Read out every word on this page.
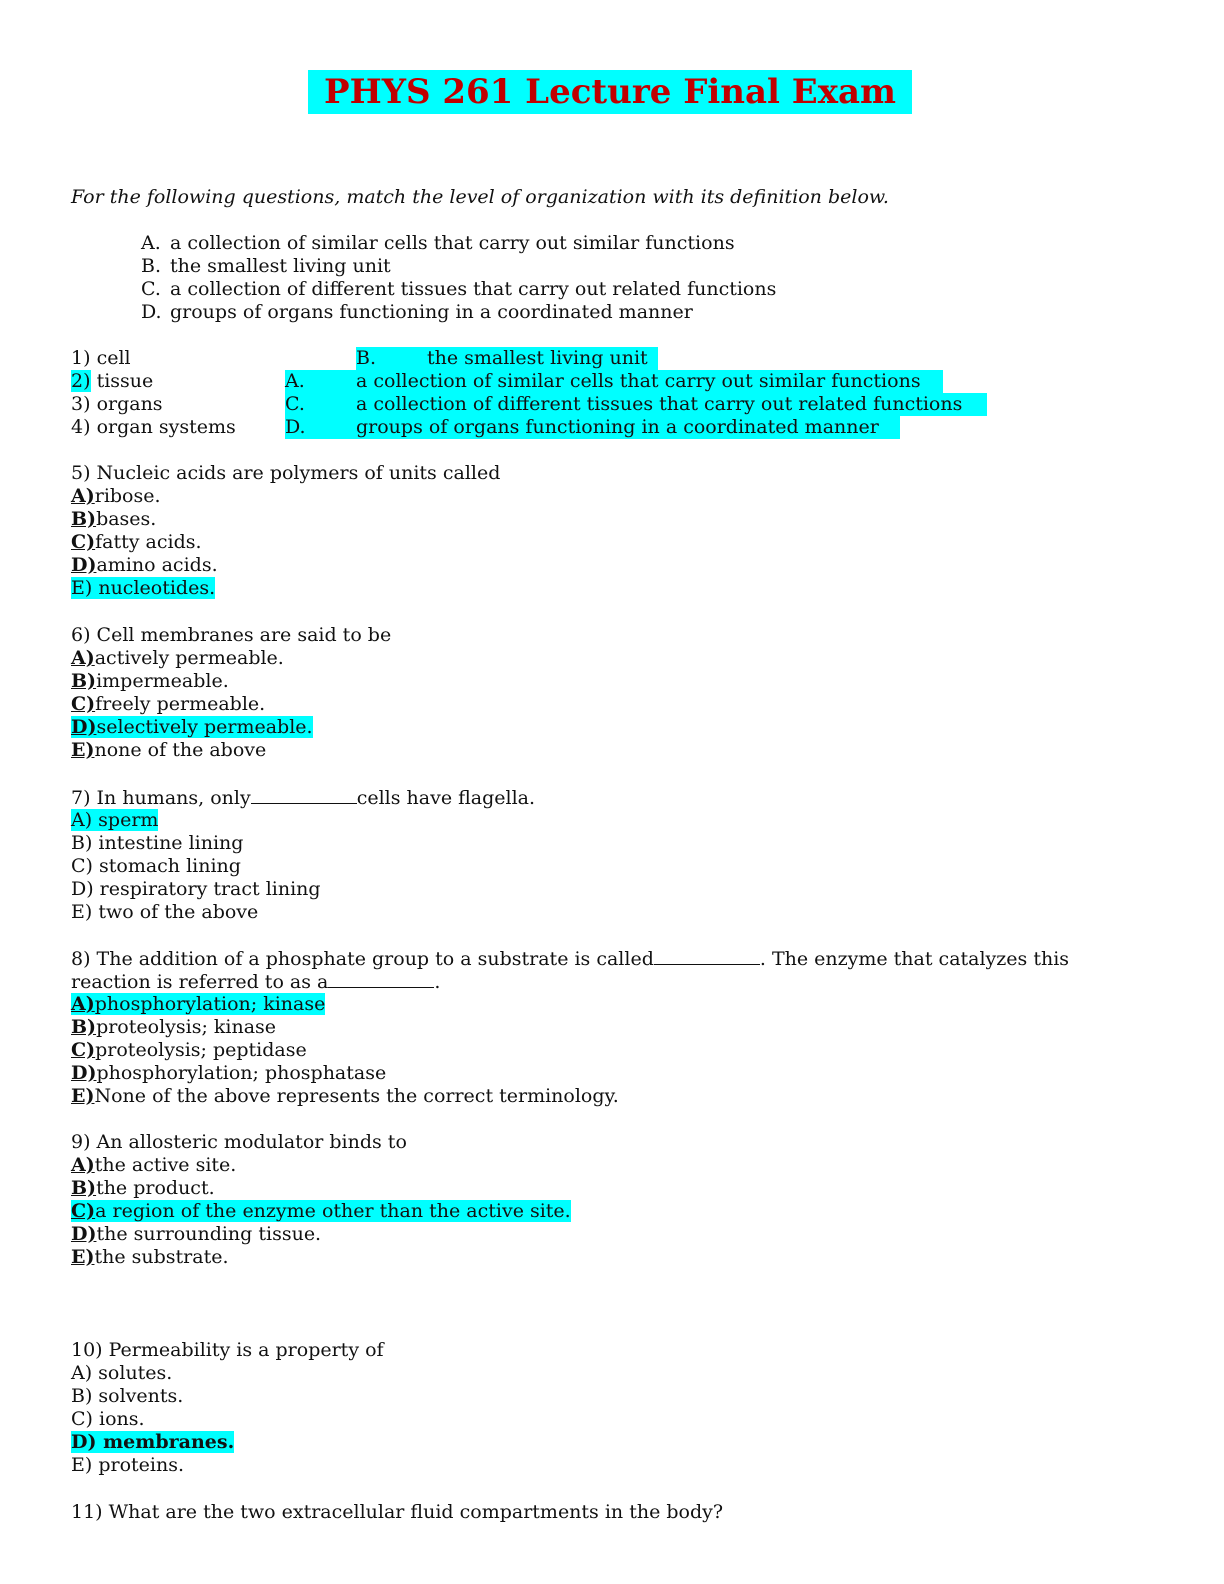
PHYS 261 Lecture Final Exam
For the following questions, match the level of organization with its definition below.
A. a collection of similar cells that carry out similar functions
B. the smallest living unit
C. a collection of different tissues that carry out related functions
D. groups of organs functioning in a coordinated manner
1) cell	B.	the smallest living unit
2) tissue	A.	a collection of similar cells that carry out similar functions
3) organs	C.	a collection of different tissues that carry out related functions
4) organ systems	D.	groups of organs functioning in a coordinated manner
5) Nucleic acids are polymers of units called
A)ribose.
B)bases.
C)fatty acids.
D)amino acids.
E) nucleotides.
6) Cell membranes are said to be
A)actively permeable.
B)impermeable.
C)freely permeable.
D)selectively permeable.
E)none of the above
7) In humans, only	cells have flagella.
A) sperm
B) intestine lining
C) stomach lining
D) respiratory tract lining
E) two of the above
8) The addition of a phosphate group to a substrate is called	. The enzyme that catalyzes this
reaction is referred to as a	.
A)phosphorylation; kinase
B)proteolysis; kinase
C)proteolysis; peptidase
D)phosphorylation; phosphatase
E)None of the above represents the correct terminology.
9) An allosteric modulator binds to
A)the active site.
B)the product.
C)a region of the enzyme other than the active site.
D)the surrounding tissue.
E)the substrate.
10) Permeability is a property of
A) solutes.
B) solvents.
C) ions.
D) membranes.
E) proteins.
11) What are the two extracellular fluid compartments in the body?
